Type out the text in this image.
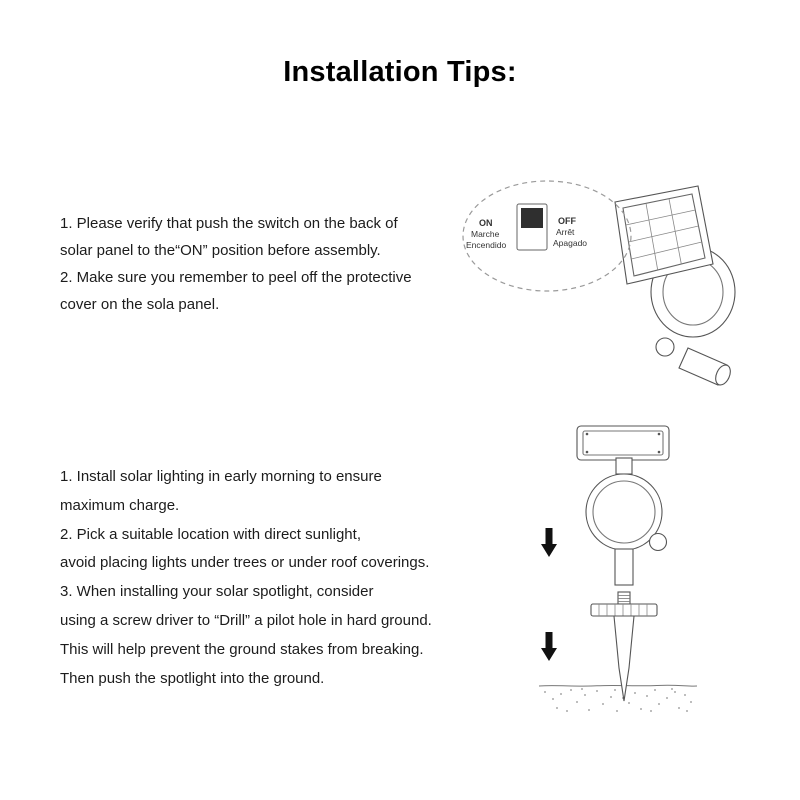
Installation Tips:
1. Please verify that push the switch on the back of
solar panel to the“ON” position before assembly.
2. Make sure you remember to peel off the protective
cover on the sola panel.
ON
Marche
Encendido
OFF
Arrêt
Apagado
1. Install solar lighting in early morning to ensure
maximum charge.
2. Pick a suitable location with direct sunlight,
avoid placing lights under trees or under roof coverings.
3. When installing your solar spotlight, consider
using a screw driver to “Drill” a pilot hole in hard ground.
This will help prevent the ground stakes from breaking.
Then push the spotlight into the ground.
